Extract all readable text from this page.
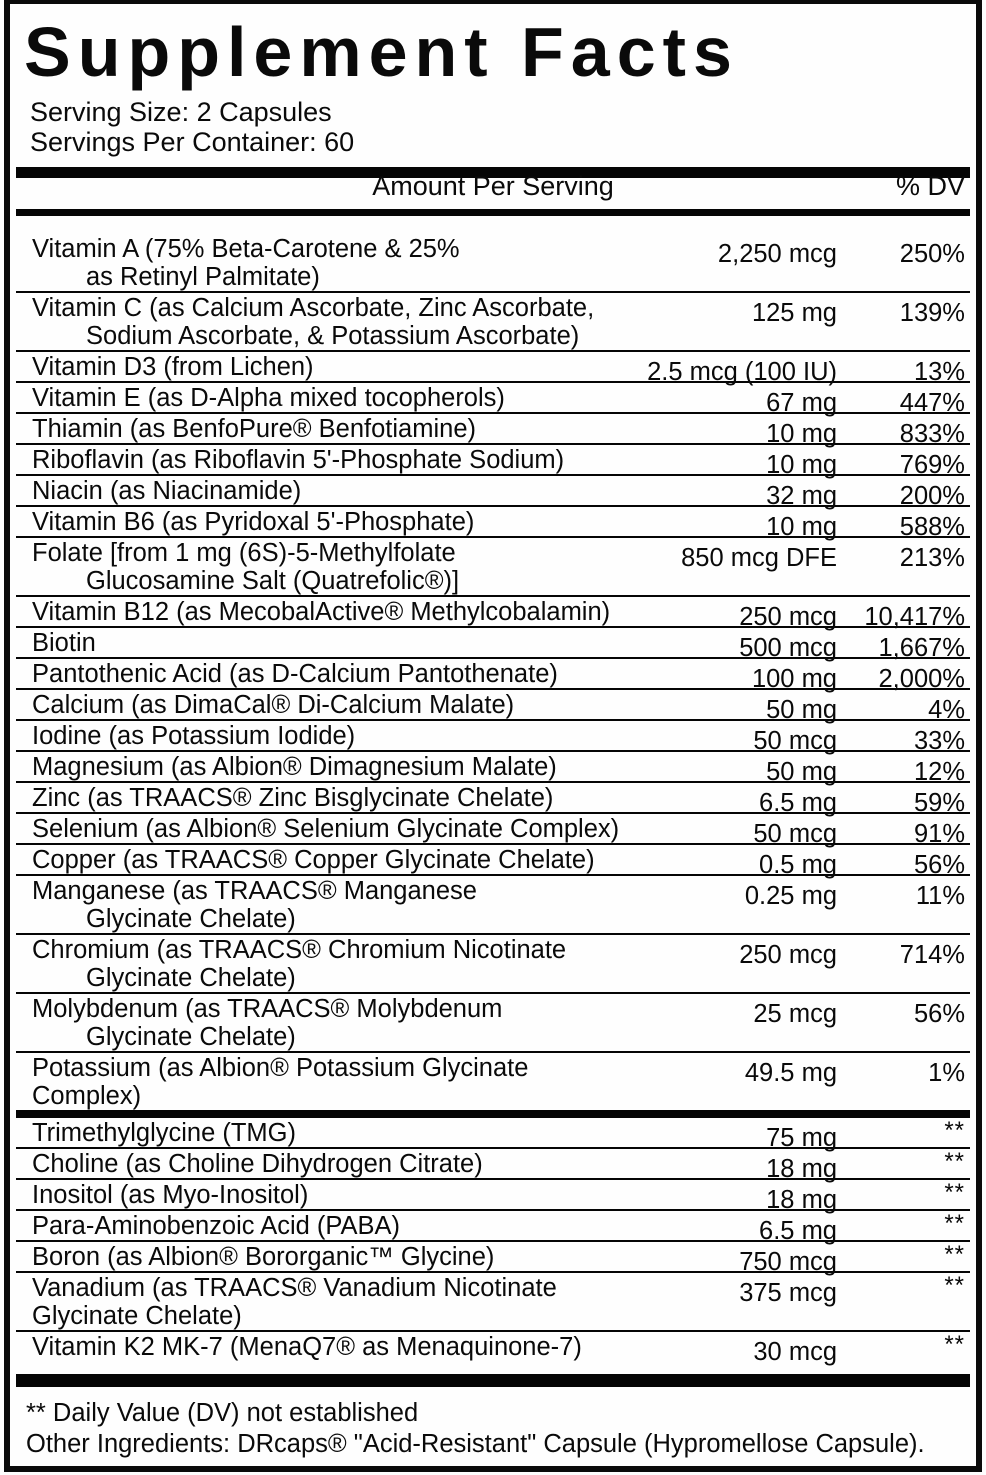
Supplement Facts
Serving Size: 2 Capsules
Servings Per Container: 60
Amount Per Serving	% DV
Vitamin A (75% Beta-Carotene & 25%
as Retinyl Palmitate)
2,250 mcg	250%
Vitamin C (as Calcium Ascorbate, Zinc Ascorbate,
Sodium Ascorbate, & Potassium Ascorbate)
125 mg	139%
Vitamin D3 (from Lichen)	2.5 mcg (100 IU)	13%
Vitamin E (as D-Alpha mixed tocopherols)	67 mg	447%
Thiamin (as BenfoPure® Benfotiamine)	10 mg	833%
Riboflavin (as Riboflavin 5'-Phosphate Sodium)	10 mg	769%
Niacin (as Niacinamide)	32 mg	200%
Vitamin B6 (as Pyridoxal 5'-Phosphate)	10 mg	588%
Folate [from 1 mg (6S)-5-Methylfolate
Glucosamine Salt (Quatrefolic®)]
850 mcg DFE	213%
Vitamin B12 (as MecobalActive® Methylcobalamin)	250 mcg	10,417%
Biotin	500 mcg	1,667%
Pantothenic Acid (as D-Calcium Pantothenate)	100 mg	2,000%
Calcium (as DimaCal® Di-Calcium Malate)	50 mg	4%
Iodine (as Potassium Iodide)	50 mcg	33%
Magnesium (as Albion® Dimagnesium Malate)	50 mg	12%
Zinc (as TRAACS® Zinc Bisglycinate Chelate)	6.5 mg	59%
Selenium (as Albion® Selenium Glycinate Complex)	50 mcg	91%
Copper (as TRAACS® Copper Glycinate Chelate)	0.5 mg	56%
Manganese (as TRAACS® Manganese
Glycinate Chelate)
0.25 mg	11%
Chromium (as TRAACS® Chromium Nicotinate
Glycinate Chelate)
250 mcg	714%
Molybdenum (as TRAACS® Molybdenum
Glycinate Chelate)
25 mcg	56%
Potassium (as Albion® Potassium Glycinate Complex)
49.5 mg	1%
Trimethylglycine (TMG)	75 mg	**
Choline (as Choline Dihydrogen Citrate)	18 mg	**
Inositol (as Myo-Inositol)	18 mg	**
Para-Aminobenzoic Acid (PABA)	6.5 mg	**
Boron (as Albion® Bororganic™ Glycine)	750 mcg	**
Vanadium (as TRAACS® Vanadium Nicotinate
Glycinate Chelate)
375 mcg	**
Vitamin K2 MK-7 (MenaQ7® as Menaquinone-7)	30 mcg	**
** Daily Value (DV) not established
Other Ingredients: DRcaps® "Acid-Resistant" Capsule (Hypromellose Capsule).
